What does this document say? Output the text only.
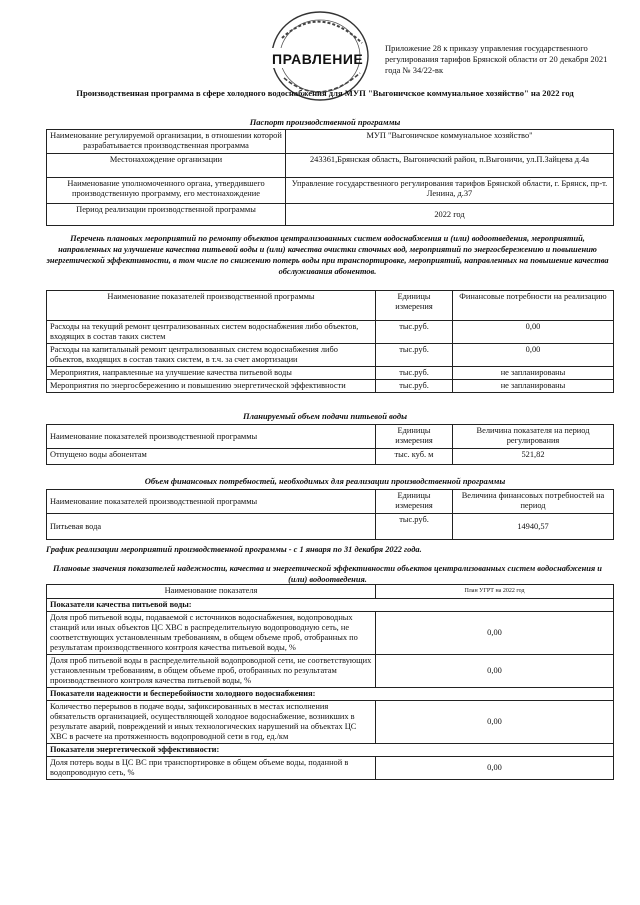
ПРАВЛЕНИЕ
Приложение 28 к приказу управления государственного регулирования тарифов Брянской области от 20 декабря 2021 года № 34/22-вк
Производственная программа в сфере холодного водоснабжения для МУП "Выгоничское коммунальное хозяйство" на 2022 год
Паспорт производственной программы
Наименование регулируемой организации, в отношении которой разрабатывается производственная программа	МУП "Выгоничское коммунальное хозяйство"
Местонахождение организации	243361,Брянская область, Выгоничский район, п.Выгоничи, ул.П.Зайцева д.4а
Наименование уполномоченного органа, утвердившего производственную программу, его местонахождение	Управление государственного регулирования тарифов Брянской области, г. Брянск, пр-т. Ленина, д.37
Период реализации производственной программы	2022 год
Перечень плановых мероприятий по ремонту объектов централизованных систем водоснабжения и (или) водоотведения, мероприятий, направленных на улучшение качества питьевой воды и (или) качества очистки сточных вод, мероприятий по энергосбережению и повышению энергетической эффективности, в том числе по снижению потерь воды при транспортировке, мероприятий, направленных на повышение качества обслуживания абонентов.
Наименование показателей производственной программы	Единицы измерения	Финансовые потребности на реализацию
Расходы на текущий ремонт централизованных систем водоснабжения либо объектов, входящих в состав таких систем	тыс.руб.	0,00
Расходы на капитальный ремонт централизованных систем водоснабжения либо объектов, входящих в состав таких систем, в т.ч. за счет амортизации	тыс.руб.	0,00
Мероприятия, направленные на улучшение качества питьевой воды	тыс.руб.	не запланированы
Мероприятия по энергосбережению и повышению энергетической эффективности	тыс.руб.	не запланированы
Планируемый объем подачи питьевой воды
Наименование показателей производственной программы	Единицы измерения	Величина показателя на период регулирования
Отпущено воды абонентам	тыс. куб. м	521,82
Объем финансовых потребностей, необходимых для реализации производственной программы
Наименование показателей производственной программы	Единицы измерения	Величина финансовых потребностей на период
Питьевая вода	тыс.руб.	14940,57
График реализации мероприятий производственной программы - с 1 января по 31 декабря 2022 года.
Плановые значения показателей надежности, качества и энергетической эффективности объектов централизованных систем водоснабжения и (или) водоотведения.
Наименование показателя	План УГРТ на 2022 год
Показатели качества питьевой воды:	
Доля проб питьевой воды, подаваемой с источников водоснабжения, водопроводных станций или иных объектов ЦС ХВС в распределительную водопроводную сеть, не соответствующих установленным требованиям, в общем объеме проб, отобранных по результатам производственного контроля качества питьевой воды, %	0,00
Доля проб питьевой воды в распределительной водопроводной сети, не соответствующих установленным требованиям, в общем объеме проб, отобранных по результатам производственного контроля качества питьевой воды, %	0,00
Показатели надежности и бесперебойности холодного водоснабжения:	
Количество перерывов в подаче воды, зафиксированных в местах исполнения обязательств организацией, осуществляющей холодное водоснабжение, возникших в результате аварий, повреждений и иных технологических нарушений на объектах ЦС ХВС в расчете на протяженность водопроводной сети в год, ед./км	0,00
Показатели энергетической эффективности:	
Доля потерь воды в ЦС ВС при транспортировке в общем объеме воды, поданной в водопроводную сеть, %	0,00
